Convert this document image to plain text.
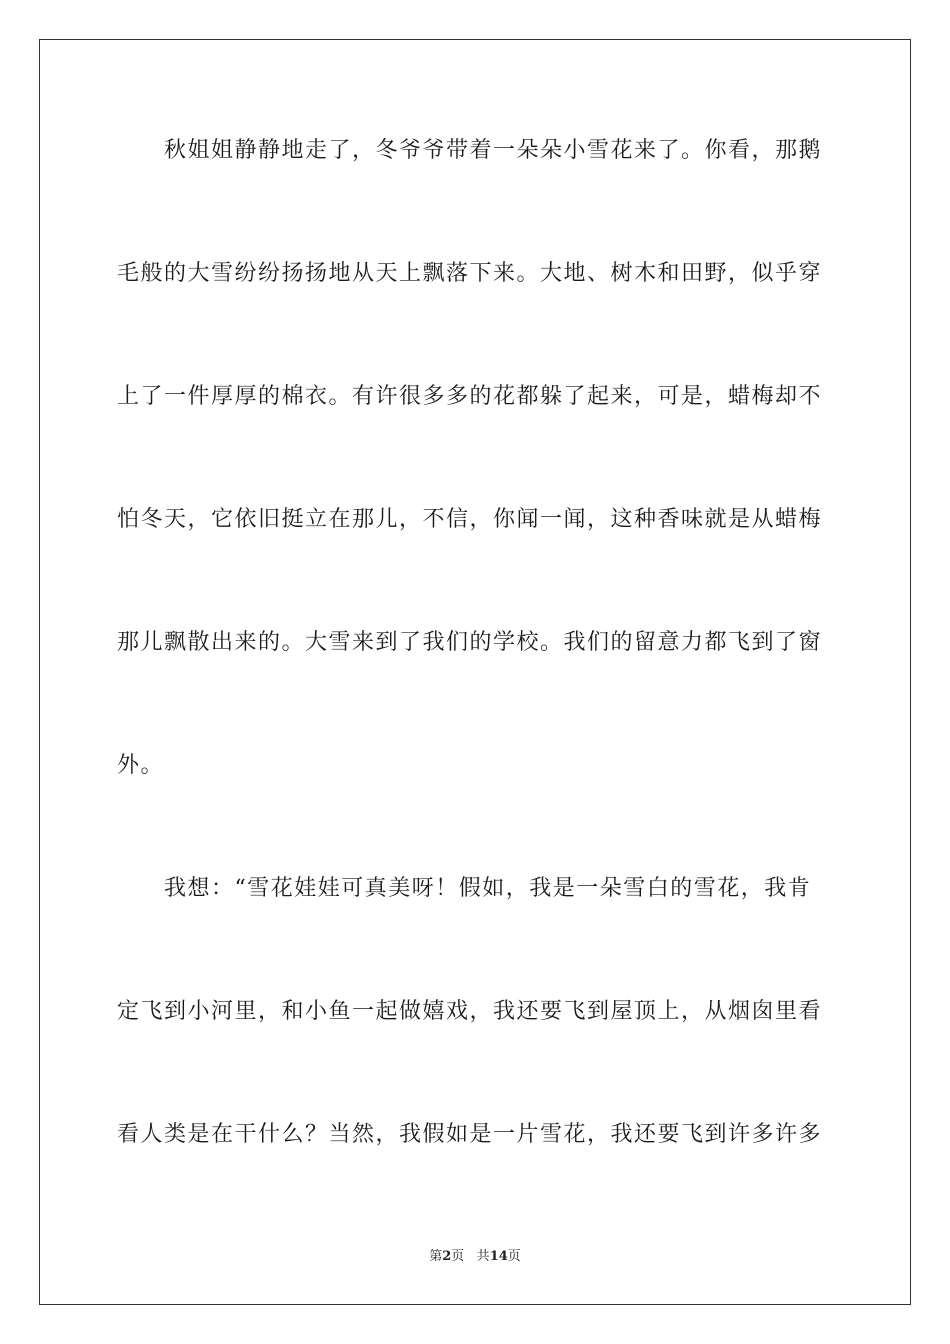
　　秋姐姐静静地走了，冬爷爷带着一朵朵小雪花来了。你看，那鹅
毛般的大雪纷纷扬扬地从天上飘落下来。大地、树木和田野，似乎穿
上了一件厚厚的棉衣。有许很多多的花都躲了起来，可是，蜡梅却不
怕冬天，它依旧挺立在那儿，不信，你闻一闻，这种香味就是从蜡梅
那儿飘散出来的。大雪来到了我们的学校。我们的留意力都飞到了窗
外。
　　我想：“雪花娃娃可真美呀！假如，我是一朵雪白的雪花，我肯
定飞到小河里，和小鱼一起做嬉戏，我还要飞到屋顶上，从烟囱里看
看人类是在干什么？当然，我假如是一片雪花，我还要飞到许多许多
第2页 共14页
